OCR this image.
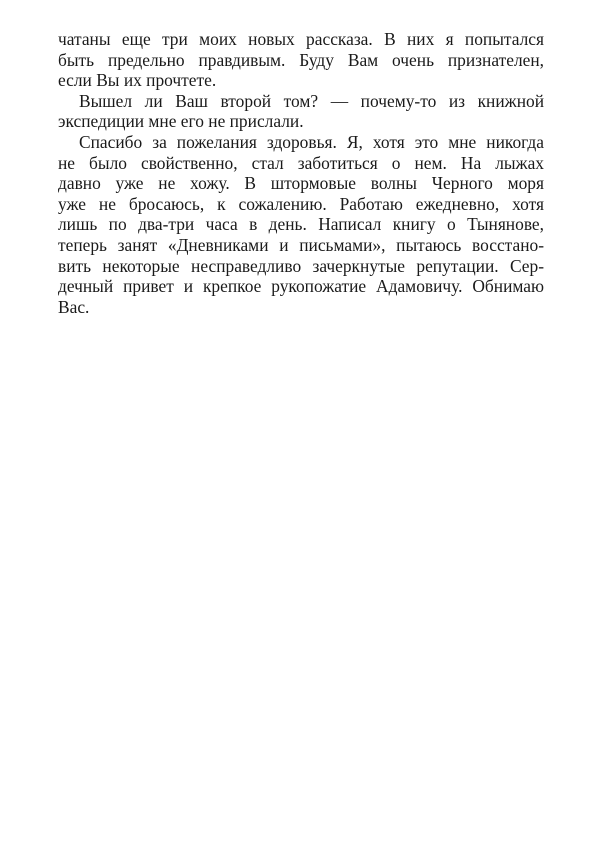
чатаны еще три моих новых рассказа. В них я попытался
быть предельно правдивым. Буду Вам очень признателен,
если Вы их прочтете.
Вышел ли Ваш второй том? — почему-то из книжной
экспедиции мне его не прислали.
Спасибо за пожелания здоровья. Я, хотя это мне никогда
не было свойственно, стал заботиться о нем. На лыжах
давно уже не хожу. В штормовые волны Черного моря
уже не бросаюсь, к сожалению. Работаю ежедневно, хотя
лишь по два-три часа в день. Написал книгу о Тынянове,
теперь занят «Дневниками и письмами», пытаюсь восстано-
вить некоторые несправедливо зачеркнутые репутации. Сер-
дечный привет и крепкое рукопожатие Адамовичу. Обнимаю
Вас.
